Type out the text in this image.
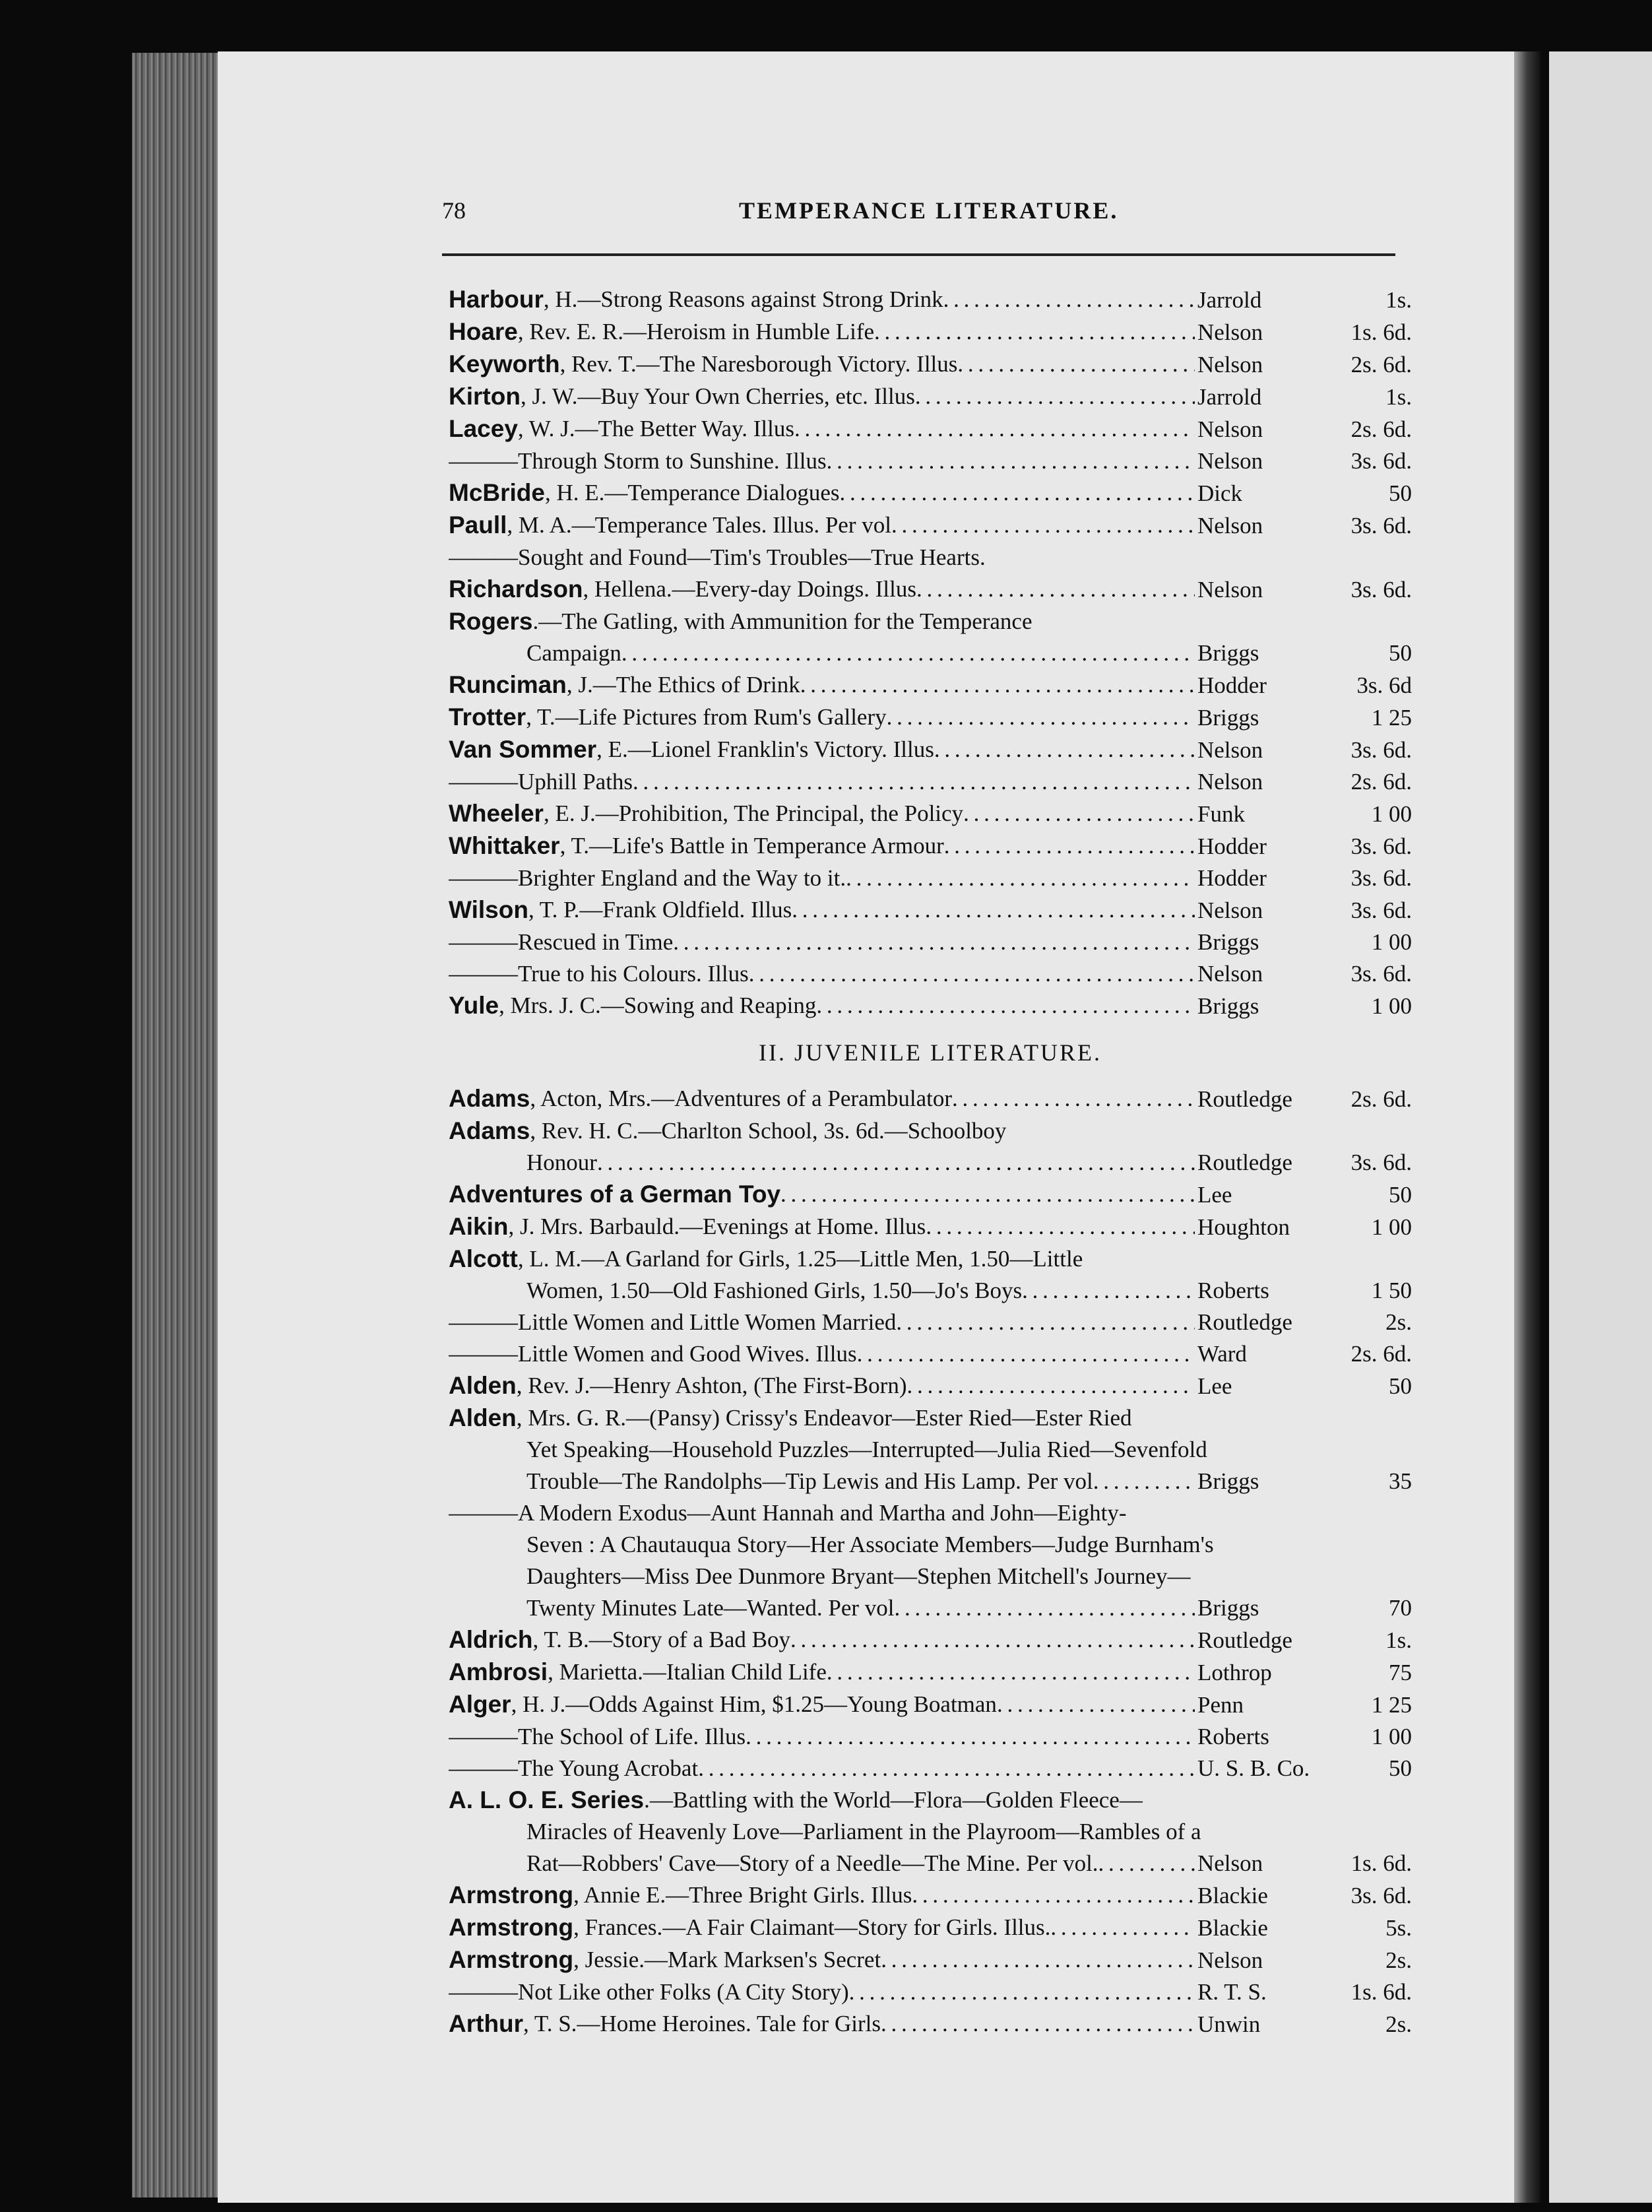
78	TEMPERANCE LITERATURE.
Harbour , H.—Strong Reasons against Strong Drink . . .	Jarrold	1s.
Hoare , Rev. E. R.—Heroism in Humble Life . . .	Nelson	1s. 6d.
Keyworth , Rev. T.—The Naresborough Victory. Illus . . .	Nelson	2s. 6d.
Kirton , J. W.—Buy Your Own Cherries, etc. Illus . . .	Jarrold	1s.
Lacey , W. J.—The Better Way. Illus . . .	Nelson	2s. 6d.
———Through Storm to Sunshine. Illus . . .	Nelson	3s. 6d.
McBride , H. E.—Temperance Dialogues . . .	Dick	50
Paull , M. A.—Temperance Tales. Illus. Per vol . . .	Nelson	3s. 6d.
———Sought and Found—Tim's Troubles—True Hearts.
Richardson , Hellena.—Every-day Doings. Illus . . .	Nelson	3s. 6d.
Rogers .—The Gatling, with Ammunition for the Temperance
Campaign . . .	Briggs	50
Runciman , J.—The Ethics of Drink . . .	Hodder	3s. 6d
Trotter , T.—Life Pictures from Rum's Gallery . . .	Briggs	1 25
Van Sommer , E.—Lionel Franklin's Victory. Illus . . .	Nelson	3s. 6d.
———Uphill Paths . . .	Nelson	2s. 6d.
Wheeler , E. J.—Prohibition, The Principal, the Policy . . .	Funk	1 00
Whittaker , T.—Life's Battle in Temperance Armour . . .	Hodder	3s. 6d.
———Brighter England and the Way to it. . . .	Hodder	3s. 6d.
Wilson , T. P.—Frank Oldfield. Illus . . .	Nelson	3s. 6d.
———Rescued in Time . . .	Briggs	1 00
———True to his Colours. Illus . . .	Nelson	3s. 6d.
Yule , Mrs. J. C.—Sowing and Reaping . . .	Briggs	1 00
II. JUVENILE LITERATURE.
Adams , Acton, Mrs.—Adventures of a Perambulator . . .	Routledge	2s. 6d.
Adams , Rev. H. C.—Charlton School, 3s. 6d.—Schoolboy
Honour . . .	Routledge	3s. 6d.
Adventures of a German Toy . . .	Lee	50
Aikin , J. Mrs. Barbauld.—Evenings at Home. Illus . . .	Houghton	1 00
Alcott , L. M.—A Garland for Girls, 1.25—Little Men, 1.50—Little
Women, 1.50—Old Fashioned Girls, 1.50—Jo's Boys . . .	Roberts	1 50
———Little Women and Little Women Married . . .	Routledge	2s.
———Little Women and Good Wives. Illus . . .	Ward	2s. 6d.
Alden , Rev. J.—Henry Ashton, (The First-Born) . . .	Lee	50
Alden , Mrs. G. R.—(Pansy) Crissy's Endeavor—Ester Ried—Ester Ried
Yet Speaking—Household Puzzles—Interrupted—Julia Ried—Sevenfold
Trouble—The Randolphs—Tip Lewis and His Lamp. Per vol . . .	Briggs	35
———A Modern Exodus—Aunt Hannah and Martha and John—Eighty-
Seven : A Chautauqua Story—Her Associate Members—Judge Burnham's
Daughters—Miss Dee Dunmore Bryant—Stephen Mitchell's Journey—
Twenty Minutes Late—Wanted. Per vol . . .	Briggs	70
Aldrich , T. B.—Story of a Bad Boy . . .	Routledge	1s.
Ambrosi , Marietta.—Italian Child Life . . .	Lothrop	75
Alger , H. J.—Odds Against Him, $1.25—Young Boatman . . .	Penn	1 25
———The School of Life. Illus . . .	Roberts	1 00
———The Young Acrobat . . .	U. S. B. Co.	50
A. L. O. E. Series .—Battling with the World—Flora—Golden Fleece—
Miracles of Heavenly Love—Parliament in the Playroom—Rambles of a
Rat—Robbers' Cave—Story of a Needle—The Mine. Per vol. . . .	Nelson	1s. 6d.
Armstrong , Annie E.—Three Bright Girls. Illus . . .	Blackie	3s. 6d.
Armstrong , Frances.—A Fair Claimant—Story for Girls. Illus. . . .	Blackie	5s.
Armstrong , Jessie.—Mark Marksen's Secret . . .	Nelson	2s.
———Not Like other Folks (A City Story) . . .	R. T. S.	1s. 6d.
Arthur , T. S.—Home Heroines. Tale for Girls . . .	Unwin	2s.
